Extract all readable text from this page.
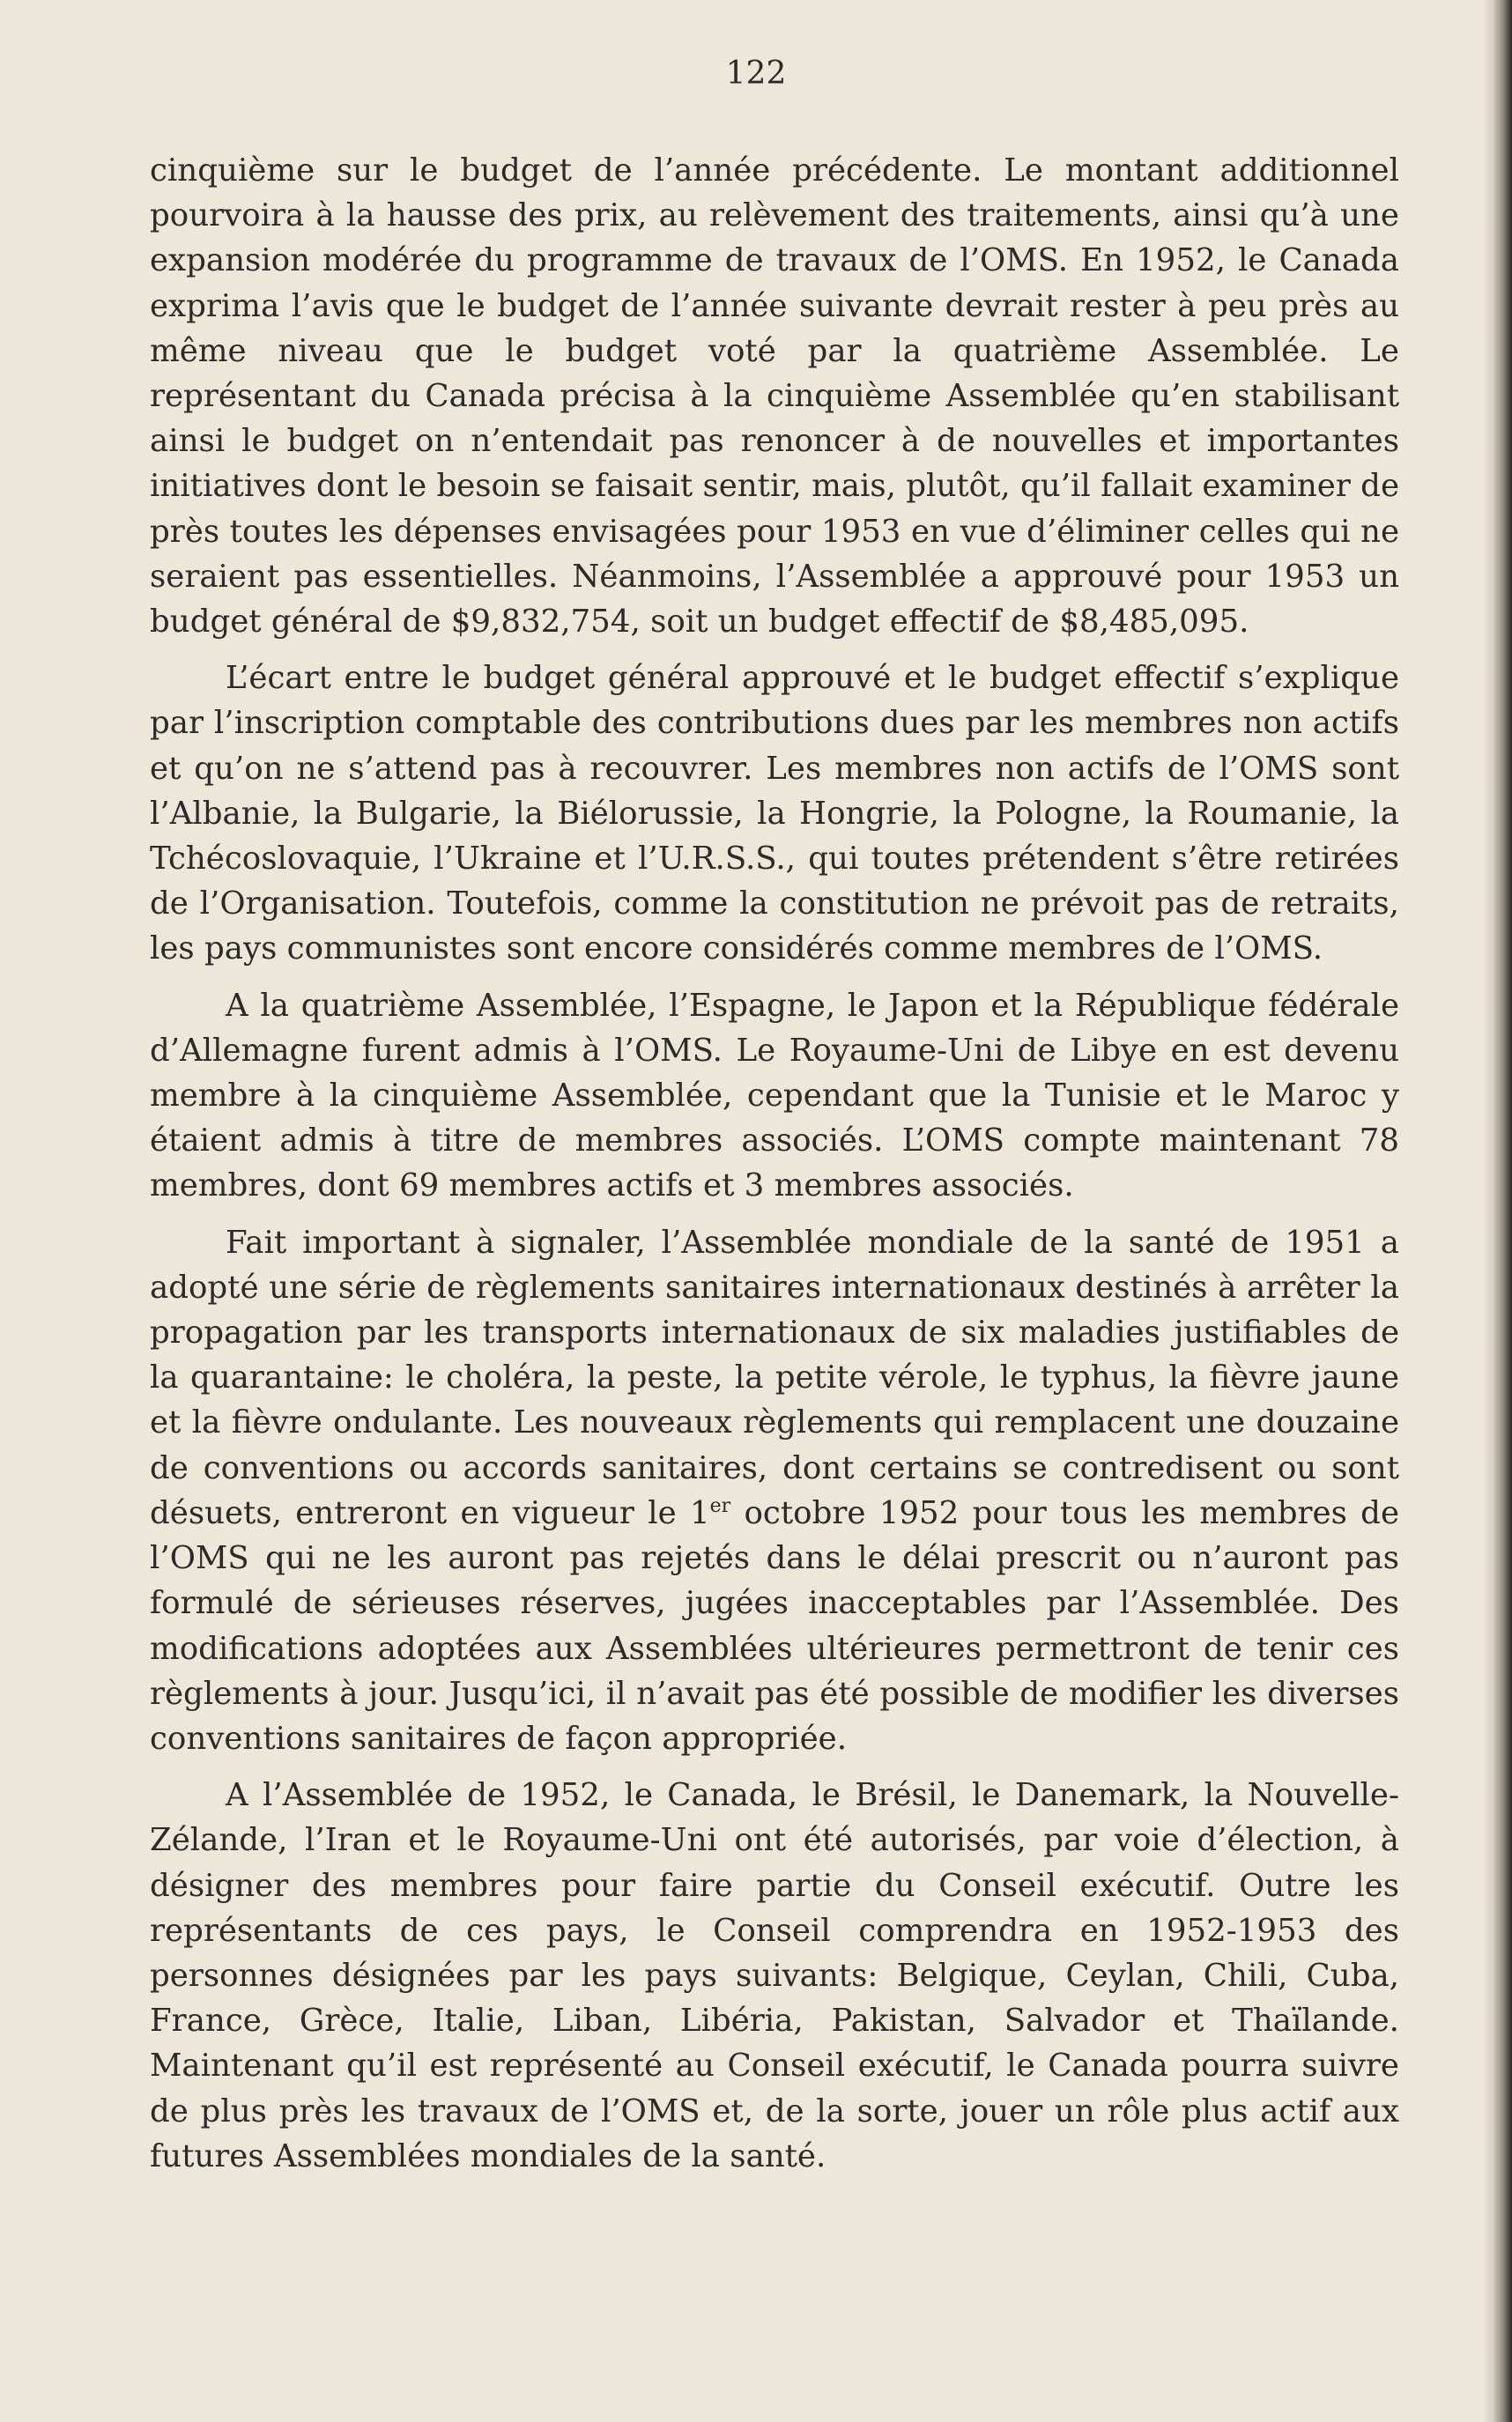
122

cinquième sur le budget de l’année précédente. Le montant additionnel pourvoira à la hausse des prix, au relèvement des traitements, ainsi qu’à une expansion modérée du programme de travaux de l’OMS. En 1952, le Canada exprima l’avis que le budget de l’année suivante devrait rester à peu près au même niveau que le budget voté par la quatrième Assemblée. Le représentant du Canada précisa à la cinquième Assemblée qu’en stabilisant ainsi le budget on n’entendait pas renoncer à de nouvelles et importantes initiatives dont le besoin se faisait sentir, mais, plutôt, qu’il fallait examiner de près toutes les dépenses envisagées pour 1953 en vue d’éliminer celles qui ne seraient pas essentielles. Néanmoins, l’Assemblée a approuvé pour 1953 un budget général de $9,832,754, soit un budget effectif de $8,485,095.

L’écart entre le budget général approuvé et le budget effectif s’explique par l’inscription comptable des contributions dues par les membres non actifs et qu’on ne s’attend pas à recouvrer. Les membres non actifs de l’OMS sont l’Albanie, la Bulgarie, la Biélorussie, la Hongrie, la Pologne, la Roumanie, la Tchécoslovaquie, l’Ukraine et l’U.R.S.S., qui toutes prétendent s’être retirées de l’Organisation. Toutefois, comme la constitution ne prévoit pas de retraits, les pays communistes sont encore considérés comme membres de l’OMS.

A la quatrième Assemblée, l’Espagne, le Japon et la République fédérale d’Allemagne furent admis à l’OMS. Le Royaume-Uni de Libye en est devenu membre à la cinquième Assemblée, cependant que la Tunisie et le Maroc y étaient admis à titre de membres associés. L’OMS compte maintenant 78 membres, dont 69 membres actifs et 3 membres associés.

Fait important à signaler, l’Assemblée mondiale de la santé de 1951 a adopté une série de règlements sanitaires internationaux destinés à arrêter la propagation par les transports internationaux de six maladies justifiables de la quarantaine: le choléra, la peste, la petite vérole, le typhus, la fièvre jaune et la fièvre ondulante. Les nouveaux règlements qui remplacent une douzaine de conventions ou accords sanitaires, dont certains se contredisent ou sont désuets, entreront en vigueur le 1er octobre 1952 pour tous les membres de l’OMS qui ne les auront pas rejetés dans le délai prescrit ou n’auront pas formulé de sérieuses réserves, jugées inacceptables par l’Assemblée. Des modifications adoptées aux Assemblées ultérieures permettront de tenir ces règlements à jour. Jusqu’ici, il n’avait pas été possible de modifier les diverses conventions sanitaires de façon appropriée.

A l’Assemblée de 1952, le Canada, le Brésil, le Danemark, la Nouvelle-Zélande, l’Iran et le Royaume-Uni ont été autorisés, par voie d’élection, à désigner des membres pour faire partie du Conseil exécutif. Outre les représentants de ces pays, le Conseil comprendra en 1952-1953 des personnes désignées par les pays suivants: Belgique, Ceylan, Chili, Cuba, France, Grèce, Italie, Liban, Libéria, Pakistan, Salvador et Thaïlande. Maintenant qu’il est représenté au Conseil exécutif, le Canada pourra suivre de plus près les travaux de l’OMS et, de la sorte, jouer un rôle plus actif aux futures Assemblées mondiales de la santé.
